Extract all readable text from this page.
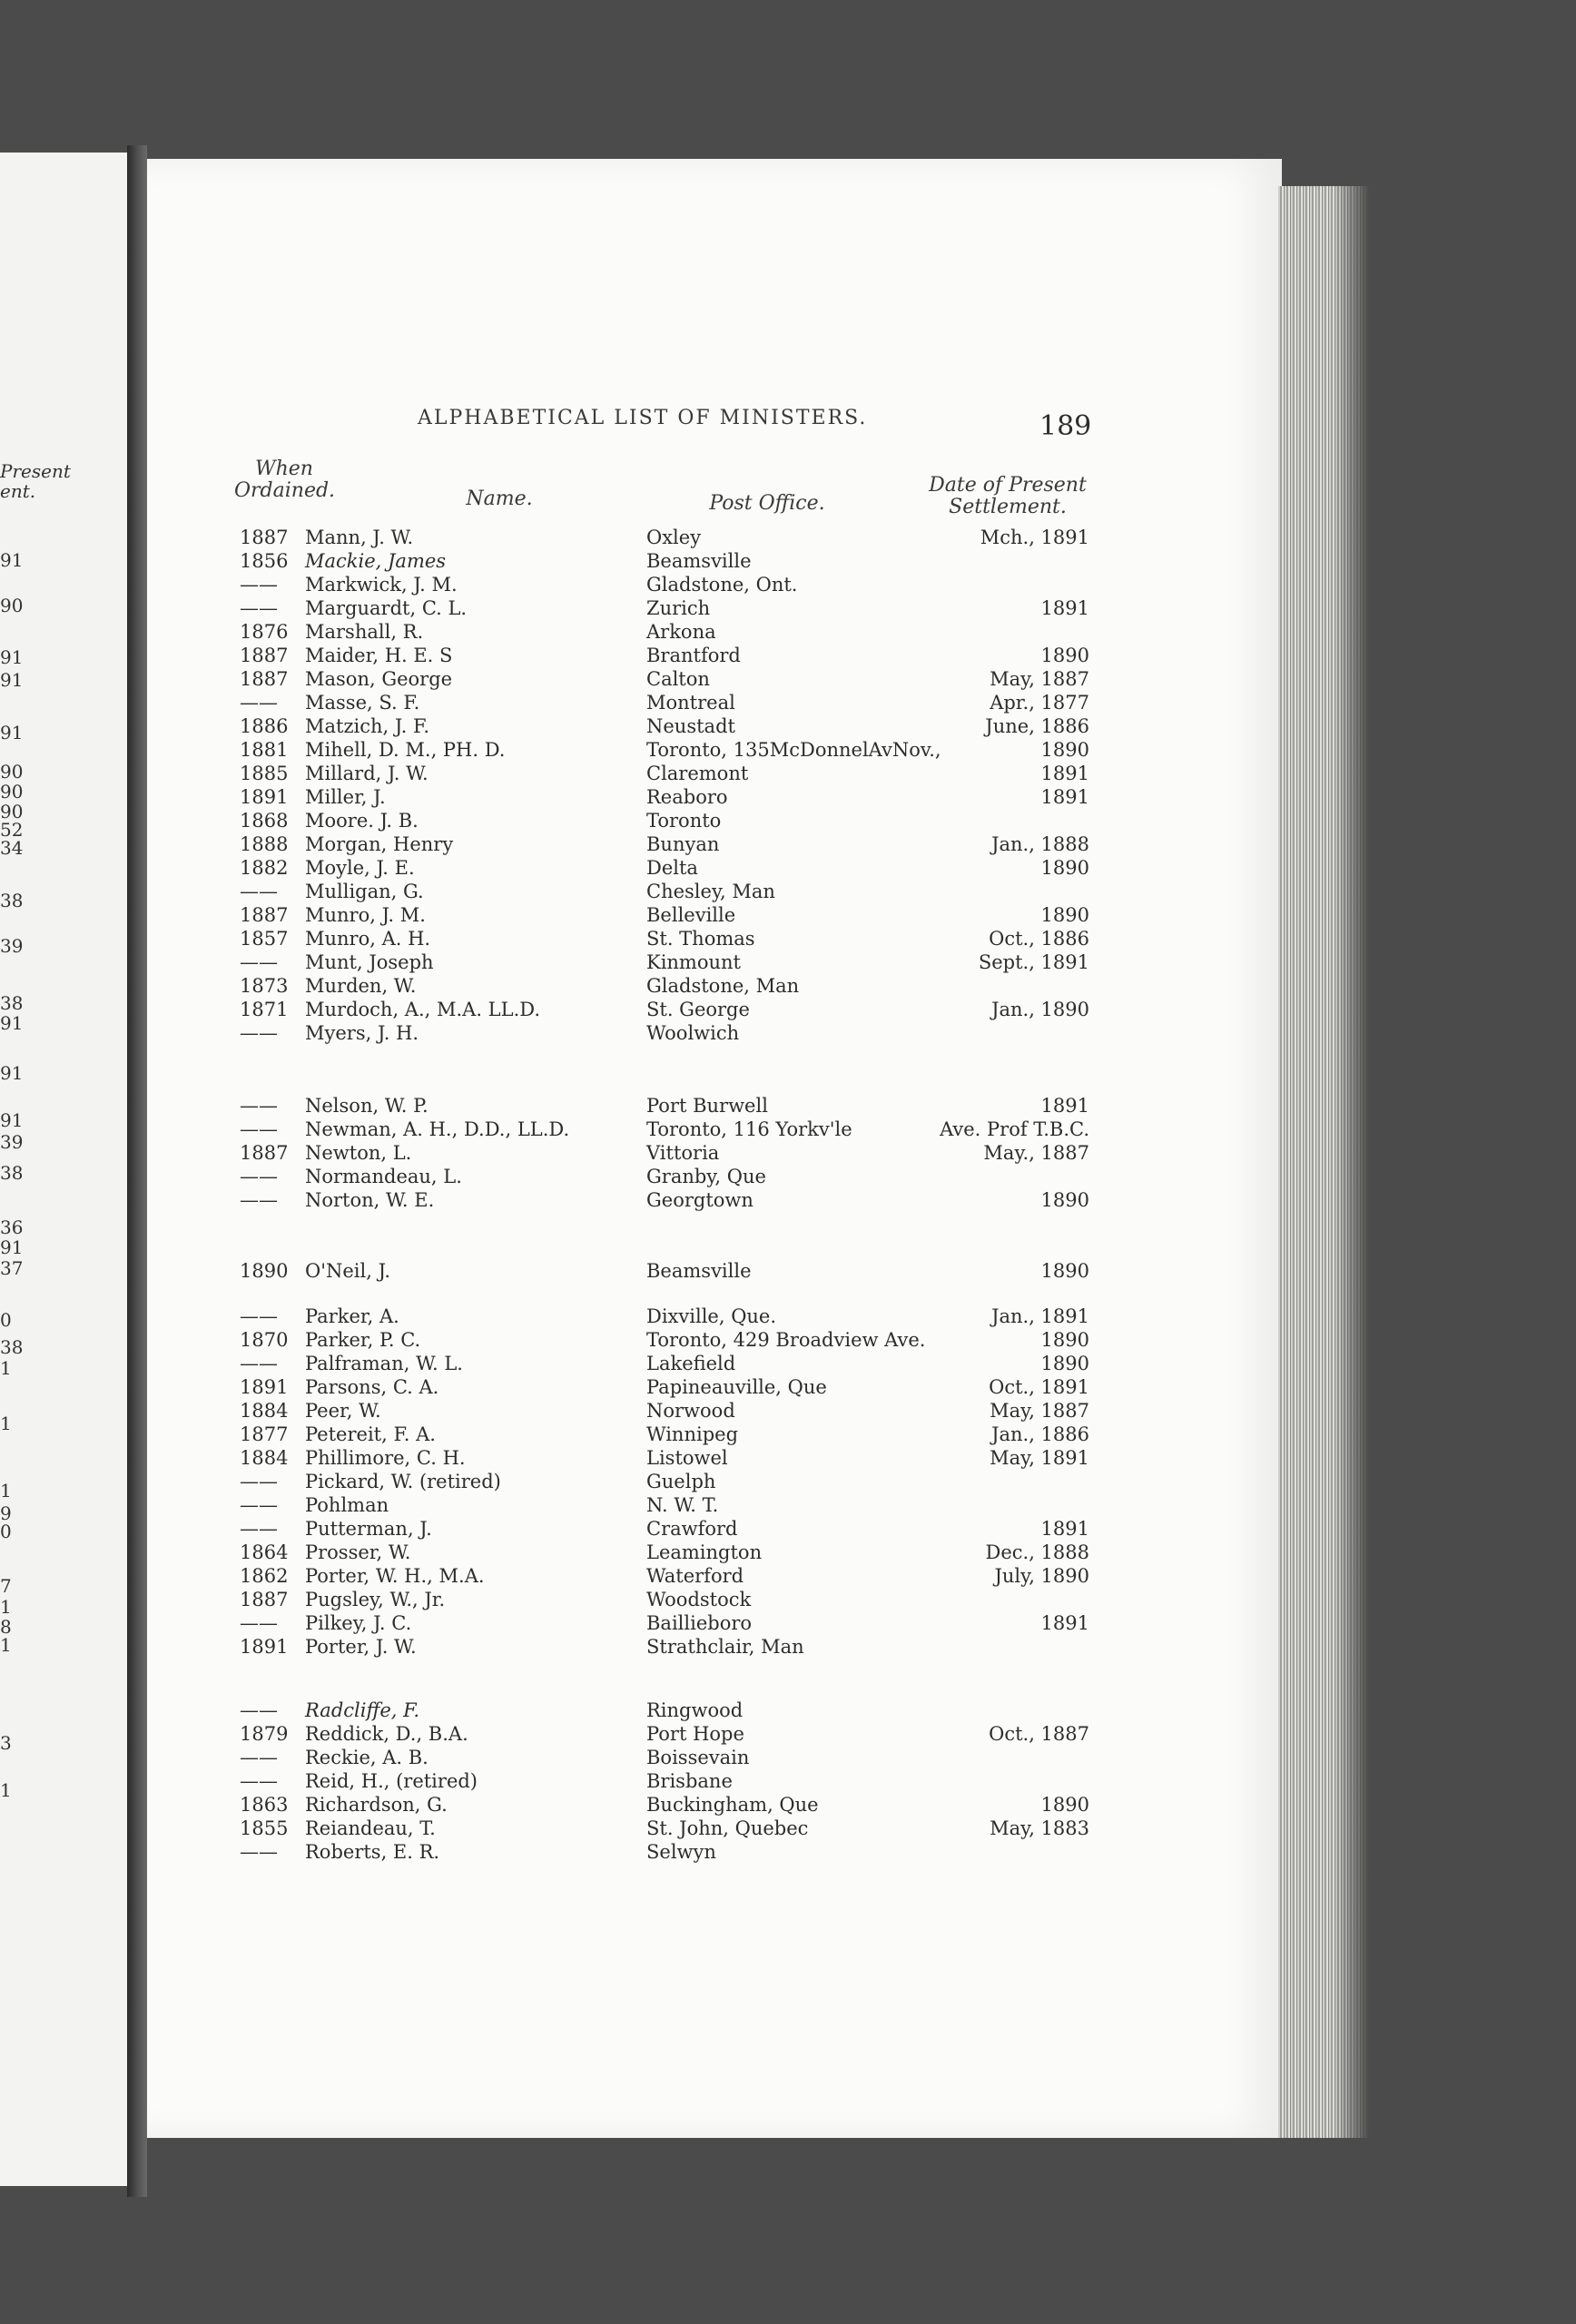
Present ent.
91
90
91
91
91
90
90
90
52
34
38
39
38
91
91
91
39
38
36
91
37
0
38
1
1
1
9
0
7
1
8
1
3
1
ALPHABETICAL LIST OF MINISTERS.	189
When Ordained.	Name.	Post Office.
Date of Present Settlement.
1887 Mann, J. W.	Oxley	Mch., 1891
1856 Mackie, James	Beamsville
——	Markwick, J. M.	Gladstone, Ont.
——	Marguardt, C. L.	Zurich	1891
1876 Marshall, R.	Arkona
1887 Maider, H. E. S	Brantford	1890
1887 Mason, George	Calton	May, 1887
——	Masse, S. F.	Montreal	Apr., 1877
1886 Matzich, J. F.	Neustadt	June, 1886
1881 Mihell, D. M., PH. D.	Toronto, 135McDonnelAvNov.,	1890
1885 Millard, J. W.	Claremont	1891
1891 Miller, J.	Reaboro	1891
1868 Moore. J. B.	Toronto
1888 Morgan, Henry	Bunyan	Jan., 1888
1882 Moyle, J. E.	Delta	1890
——	Mulligan, G.	Chesley, Man
1887 Munro, J. M.	Belleville	1890
1857 Munro, A. H.	St. Thomas	Oct., 1886
——	Munt, Joseph	Kinmount	Sept., 1891
1873 Murden, W.	Gladstone, Man
1871 Murdoch, A., M.A. LL.D.	St. George	Jan., 1890
——	Myers, J. H.	Woolwich
——	Nelson, W. P.	Port Burwell	1891
——	Newman, A. H., D.D., LL.D.	Toronto, 116 Yorkv'le	Ave. Prof T.B.C.
1887 Newton, L.	Vittoria	May., 1887
——	Normandeau, L.	Granby, Que
——	Norton, W. E.	Georgtown	1890
1890 O'Neil, J.	Beamsville	1890
——	Parker, A.	Dixville, Que.	Jan., 1891
1870 Parker, P. C.	Toronto, 429 Broadview Ave.	1890
——	Palframan, W. L.	Lakefield	1890
1891 Parsons, C. A.	Papineauville, Que	Oct., 1891
1884 Peer, W.	Norwood	May, 1887
1877 Petereit, F. A.	Winnipeg	Jan., 1886
1884 Phillimore, C. H.	Listowel	May, 1891
——	Pickard, W. (retired)	Guelph
——	Pohlman	N. W. T.
——	Putterman, J.	Crawford	1891
1864 Prosser, W.	Leamington	Dec., 1888
1862 Porter, W. H., M.A.	Waterford	July, 1890
1887 Pugsley, W., Jr.	Woodstock
——	Pilkey, J. C.	Baillieboro	1891
1891 Porter, J. W.	Strathclair, Man
——	Radcliffe, F.	Ringwood
1879 Reddick, D., B.A.	Port Hope	Oct., 1887
——	Reckie, A. B.	Boissevain
——	Reid, H., (retired)	Brisbane
1863 Richardson, G.	Buckingham, Que	1890
1855 Reiandeau, T.	St. John, Quebec	May, 1883
——	Roberts, E. R.	Selwyn
